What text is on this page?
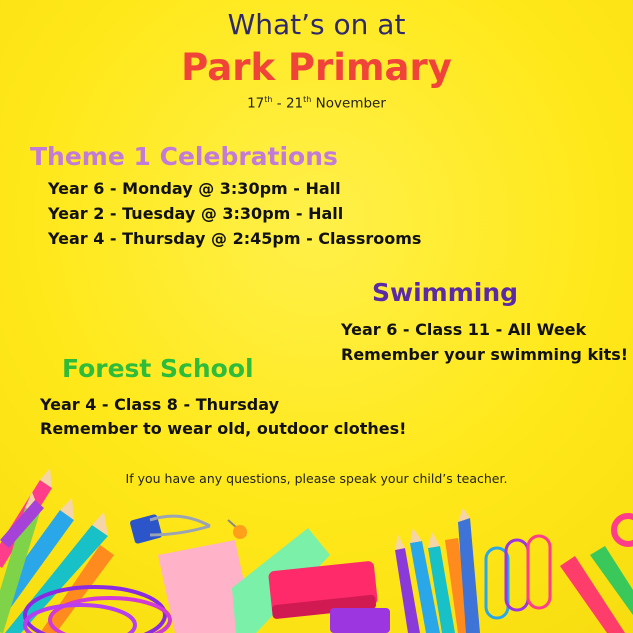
What’s on at
Park Primary
17th - 21th November
Theme 1 Celebrations
Year 6 - Monday @ 3:30pm - Hall
Year 2 - Tuesday @ 3:30pm - Hall
Year 4 - Thursday @ 2:45pm - Classrooms
Swimming
Year 6 - Class 11 - All Week
Remember your swimming kits!
Forest School
Year 4 - Class 8 - Thursday
Remember to wear old, outdoor clothes!
If you have any questions, please speak your child’s teacher.
